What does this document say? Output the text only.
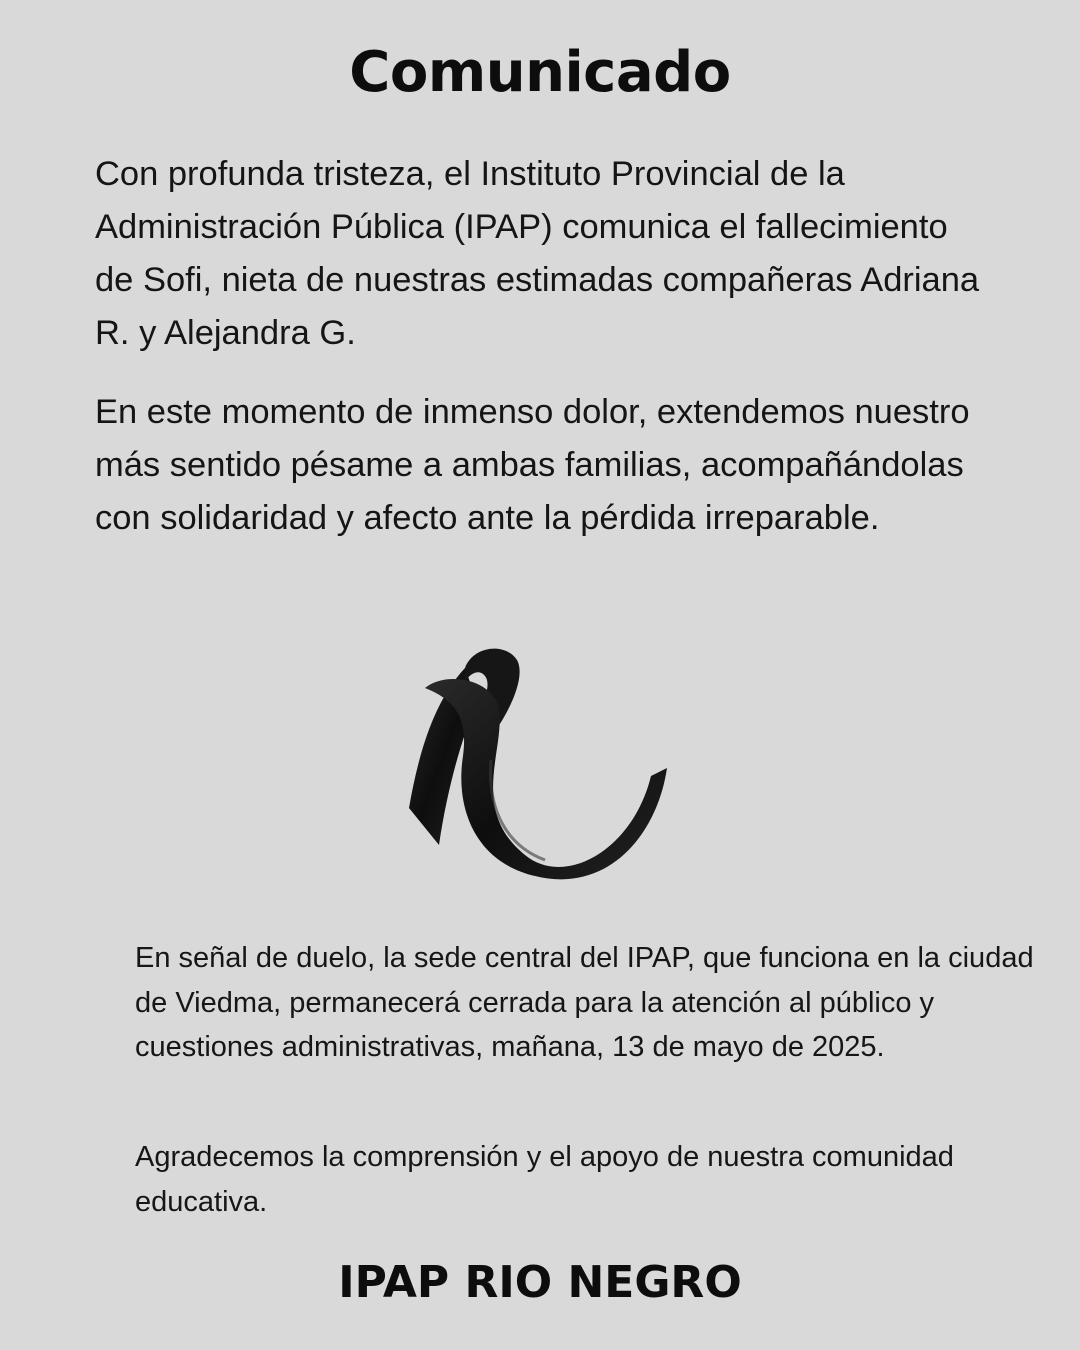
Comunicado

Con profunda tristeza, el Instituto Provincial de la Administración Pública (IPAP) comunica el fallecimiento de Sofi, nieta de nuestras estimadas compañeras Adriana R. y Alejandra G.

En este momento de inmenso dolor, extendemos nuestro más sentido pésame a ambas familias, acompañándolas con solidaridad y afecto ante la pérdida irreparable.

En señal de duelo, la sede central del IPAP, que funciona en la ciudad de Viedma, permanecerá cerrada para la atención al público y cuestiones administrativas, mañana, 13 de mayo de 2025.

Agradecemos la comprensión y el apoyo de nuestra comunidad educativa.

IPAP RIO NEGRO
